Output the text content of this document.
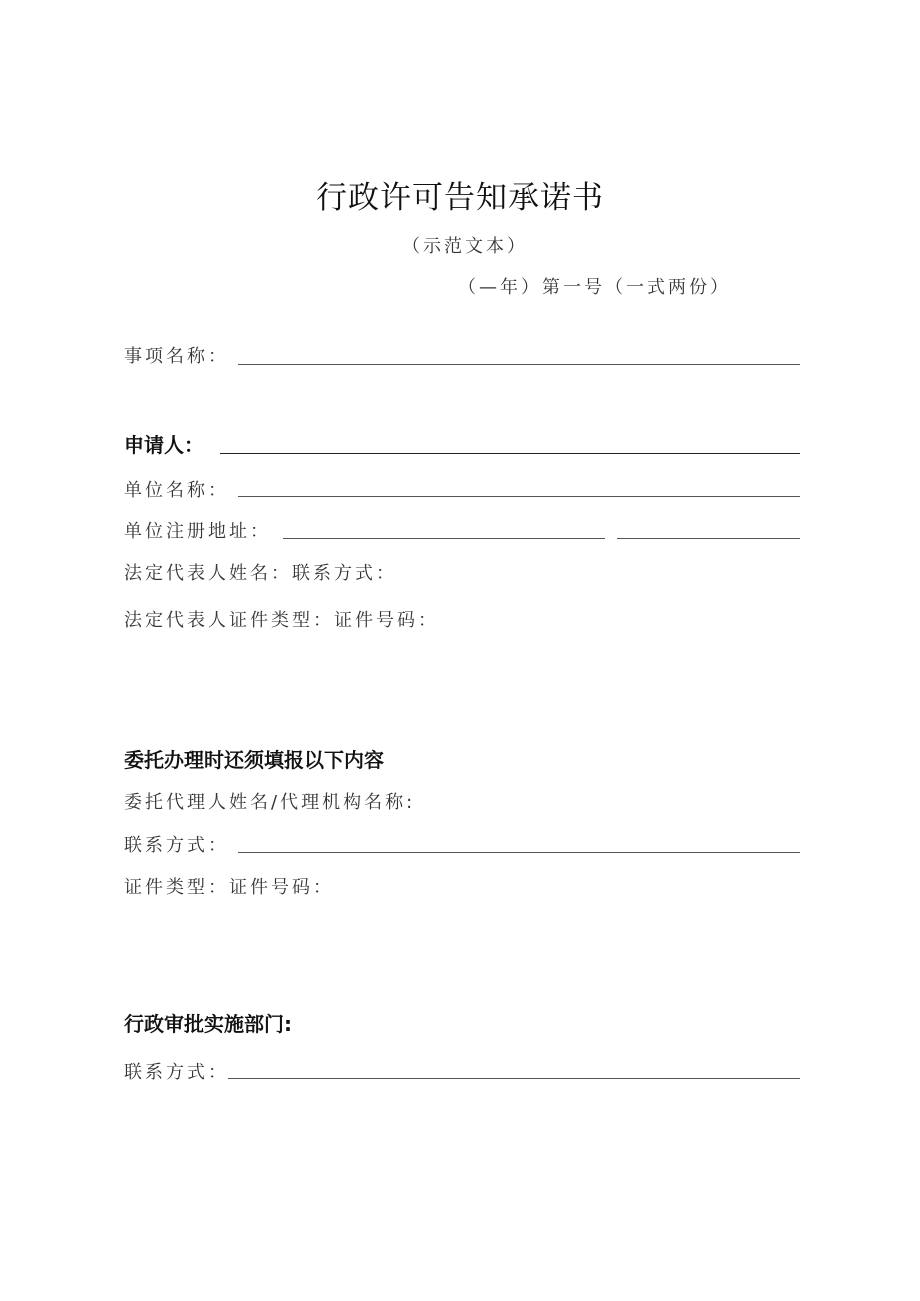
行政许可告知承诺书
（示范文本）
（—年）第一号（一式两份）
事项名称：
申请人：
单位名称：
单位注册地址：
法定代表人姓名：联系方式：
法定代表人证件类型：证件号码：
委托办理时还须填报以下内容
委托代理人姓名/代理机构名称:
联系方式：
证件类型：证件号码：
行政审批实施部门:
联系方式：
